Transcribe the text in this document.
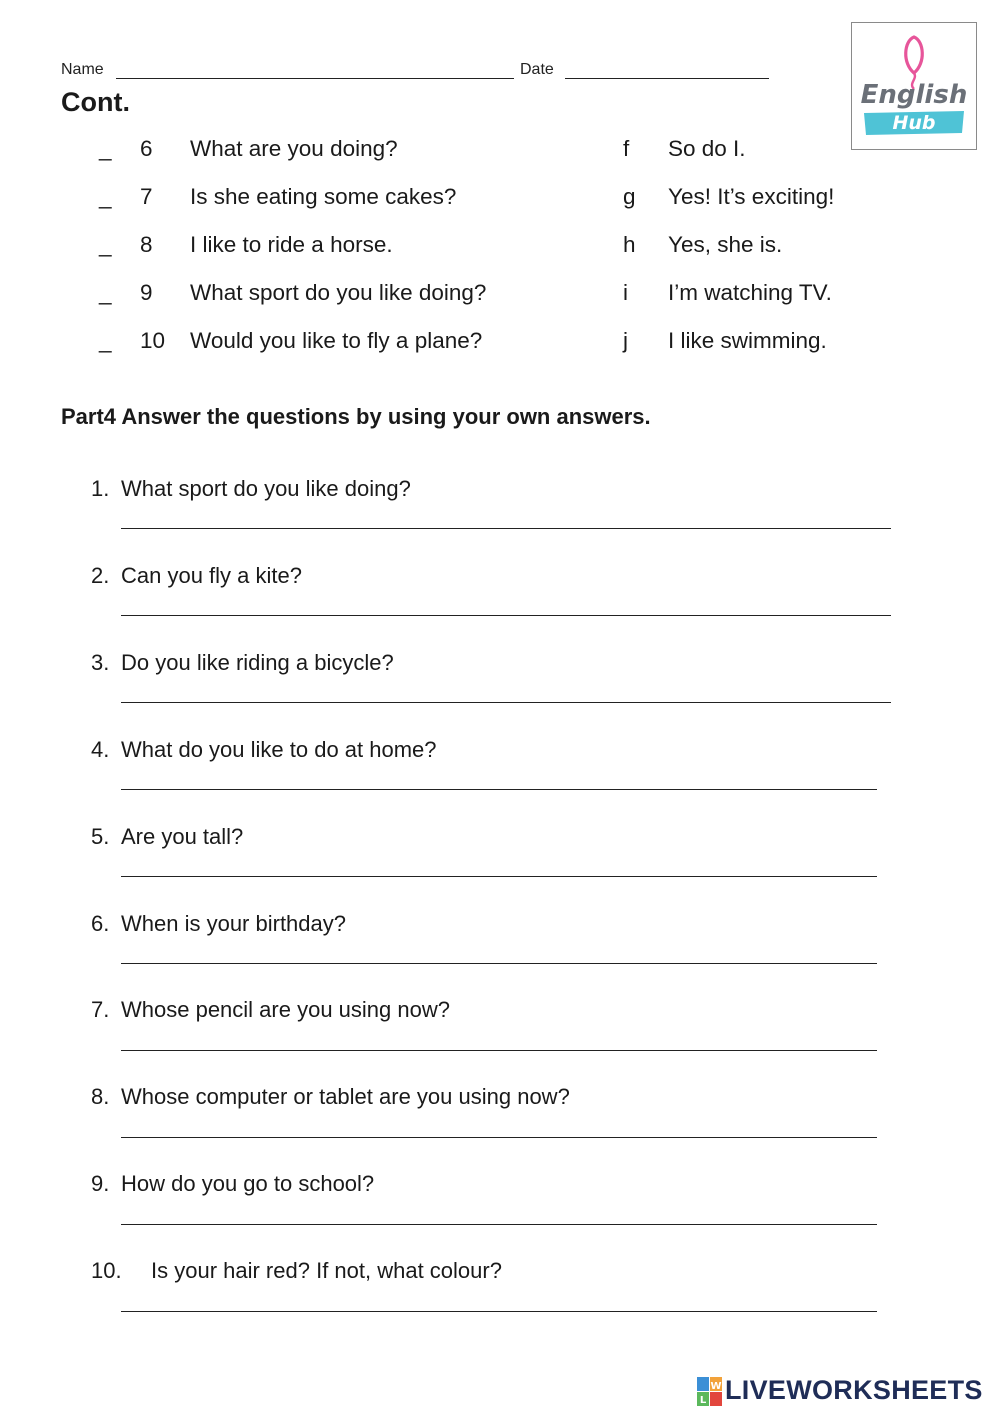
Name	Date
English
Hub
Cont.
_ 6 What are you doing?	f So do I.
_ 7 Is she eating some cakes?	g Yes! It’s exciting!
_ 8 I like to ride a horse.	h Yes, she is.
_ 9 What sport do you like doing?	i I’m watching TV.
_ 10 Would you like to fly a plane?	j I like swimming.
Part4 Answer the questions by using your own answers.
1. What sport do you like doing?
2. Can you fly a kite?
3. Do you like riding a bicycle?
4. What do you like to do at home?
5. Are you tall?
6. When is your birthday?
7. Whose pencil are you using now?
8. Whose computer or tablet are you using now?
9. How do you go to school?
10. Is your hair red? If not, what colour?
L
W LIVEWORKSHEETS
